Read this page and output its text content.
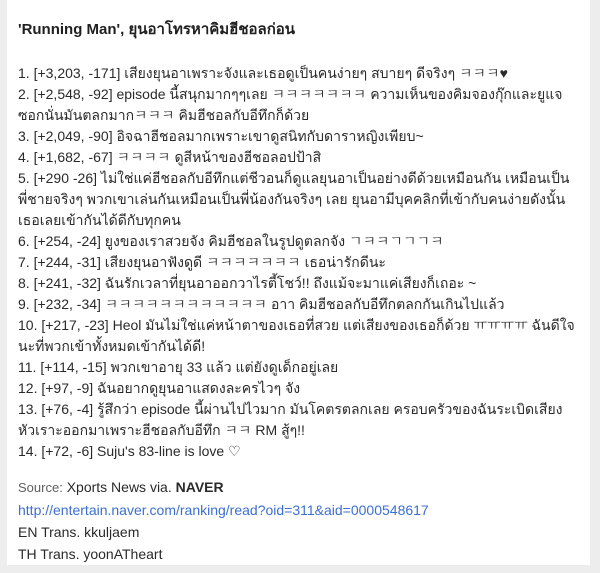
'Running Man', ยุนอาโทรหาคิมฮีชอลก่อน
1. [+3,203, -171] เสียงยุนอาเพราะจังและเธอดูเป็นคนง่ายๆ สบายๆ ดีจริงๆ ㅋㅋㅋ♥
2. [+2,548, -92] episode นี้สนุกมากๆๆเลย ㅋㅋㅋㅋㅋㅋㅋ ความเห็นของคิมจองกุ๊กและยูแจซอกนั่นมันตลกมากㅋㅋㅋ คิมฮีชอลกับอีทึกก็ด้วย
3. [+2,049, -90] อิจฉาฮีชอลมากเพราะเขาดูสนิทกับดาราหญิงเพียบ~
4. [+1,682, -67] ㅋㅋㅋㅋ ดูสีหน้าของฮีชอลอปป้าสิ
5. [+290 -26] ไม่ใช่แค่ฮีชอลกับอีทึกแต่ชีวอนก็ดูแลยุนอาเป็นอย่างดีด้วยเหมือนกัน เหมือนเป็นพี่ชายจริงๆ พวกเขาเล่นกันเหมือนเป็นพี่น้องกันจริงๆ เลย ยุนอามีบุคคลิกที่เข้ากับคนง่ายดังนั้นเธอเลยเข้ากันได้ดีกับทุกคน
6. [+254, -24] ยูงของเราสวยจัง คิมฮีชอลในรูปดูตลกจัง ㄱㅋㅋㄱㄱㄱㅋ
7. [+244, -31] เสียงยุนอาฟังดูดี ㅋㅋㅋㅋㅋㅋㅋ เธอน่ารักดีนะ
8. [+241, -32] ฉันรักเวลาที่ยุนอาออกวาไรตี้โชว์!! ถึงแม้จะมาแค่เสียงก็เถอะ ~
9. [+232, -34] ㅋㅋㅋㅋㅋㅋㅋㅋㅋㅋㅋㅋ อาา คิมฮีชอลกับอีทึกตลกกันเกินไปแล้ว
10. [+217, -23] Heol มันไม่ใช่แค่หน้าตาของเธอที่สวย แต่เสียงของเธอก็ด้วย ㅠㅠㅠㅠ ฉันดีใจนะที่พวกเข้าทั้งหมดเข้ากันได้ดี!
11. [+114, -15] พวกเขาอายุ 33 แล้ว แต่ยังดูเด็กอยู่เลย
12. [+97, -9] ฉันอยากดูยุนอาแสดงละครไวๆ จัง
13. [+76, -4] รู้สึกว่า episode นี้ผ่านไปไวมาก มันโคตรตลกเลย ครอบครัวของฉันระเบิดเสียงหัวเราะออกมาเพราะฮีชอลกับอีทึก ㅋㅋ RM สู้ๆ!!
14. [+72, -6] Suju's 83-line is love ♡
Source: Xports News via. NAVER
http://entertain.naver.com/ranking/read?oid=311&aid=0000548617
EN Trans. kkuljaem
TH Trans. yoonATheart
